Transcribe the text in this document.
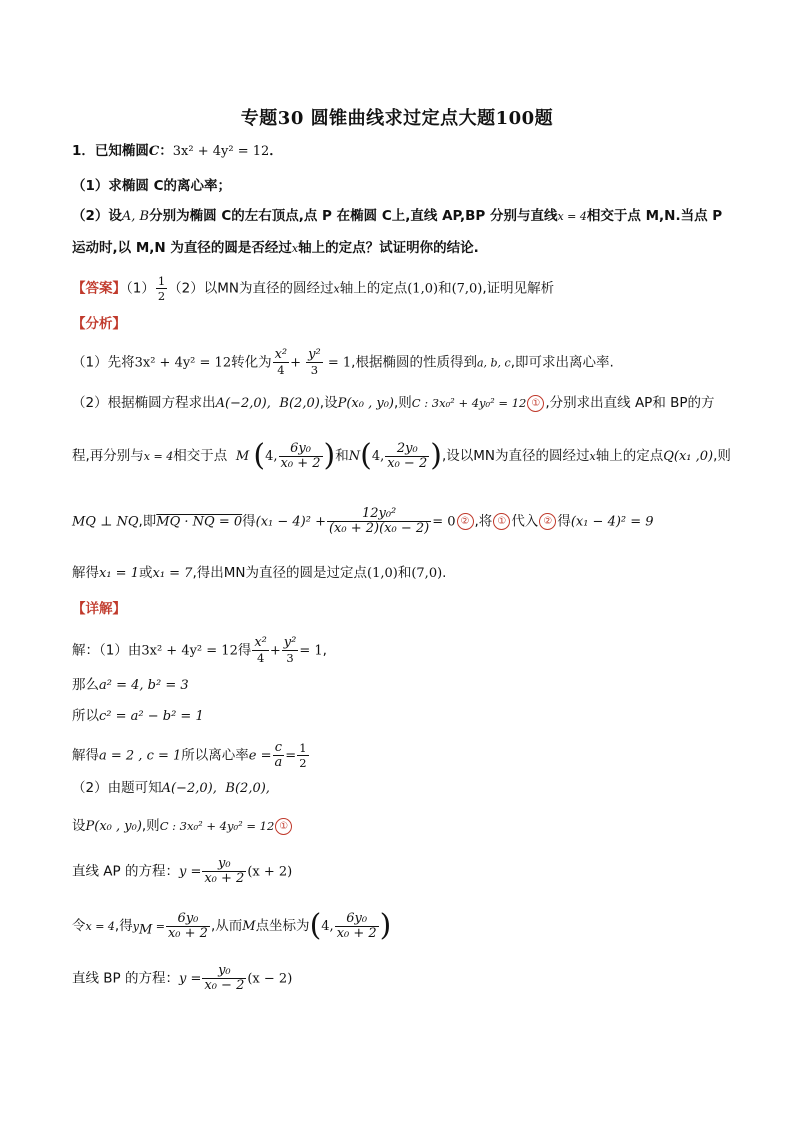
专题30 圆锥曲线求过定点大题100题
1．已知椭圆C：3x² + 4y² = 12．
（1）求椭圆 C的离心率；
（2）设A, B分别为椭圆 C的左右顶点,点 P 在椭圆 C上,直线 AP,BP 分别与直线x = 4相交于点 M,N.当点 P
运动时,以 M,N 为直径的圆是否经过x轴上的定点？试证明你的结论.
【答案】$(1) \frac{1}{2} (2)$以MN为直径的圆经过x轴上的定点(1,0)和(7,0),证明见解析
【分析】
（1）先将3x² + 4y² = 12转化为 $\frac{\text{x²}}{4} + \frac{\text{y²}}{3} = 1$,根据椭圆的性质得到a, b, c,即可求出离心率.
（2）根据椭圆方程求出A(−2,0), B(2,0),设P(x₀ , y₀),则C : 3x₀² + 4y₀² = 12 ① ,分别求出直线 AP和 BP的方
程,再分别与x = 4相交于点 M (4, $\frac{\text{6y₀}}{\text{x₀ + 2}}$ )和N(4, $\frac{\text{2y₀}}{\text{x₀ − 2}}$ ),设以MN为直径的圆经过x轴上的定点Q(x₁ ,0),则
MQ ⊥ NQ,即MQ · NQ = 0得$(x_1 - 4)^2 + \frac{\text{12y₀²}}{\text{(x₀ + 2)(x₀ − 2)}} = 0$ ② ,将 ① 代入 ② 得(x₁ − 4)² = 9
解得x₁ = 1或x₁ = 7,得出MN为直径的圆是过定点(1,0)和(7,0).
【详解】
解：（1）由3x² + 4y² = 12得 $\frac{\text{x²}}{4} + \frac{\text{y²}}{3} = 1$,
那么a² = 4, b² = 3
所以c² = a² − b² = 1
解得a = 2 , c = 1所以离心率$e = \frac{c}{a} = \frac{1}{2}$
（2）由题可知A(−2,0), B(2,0),
设P(x₀ , y₀),则C : 3x₀² + 4y₀² = 12 ①
直线 AP 的方程：$y = \frac{\text{y₀}}{\text{x₀ + 2}} (x + 2)$
令x = 4,得$y_M = \frac{\text{6y₀}}{\text{x₀ + 2}}$ ,从而M点坐标为(4, $\frac{\text{6y₀}}{\text{x₀ + 2}}$ )
直线 BP 的方程：$y = \frac{\text{y₀}}{\text{x₀ − 2}} (x - 2)$
